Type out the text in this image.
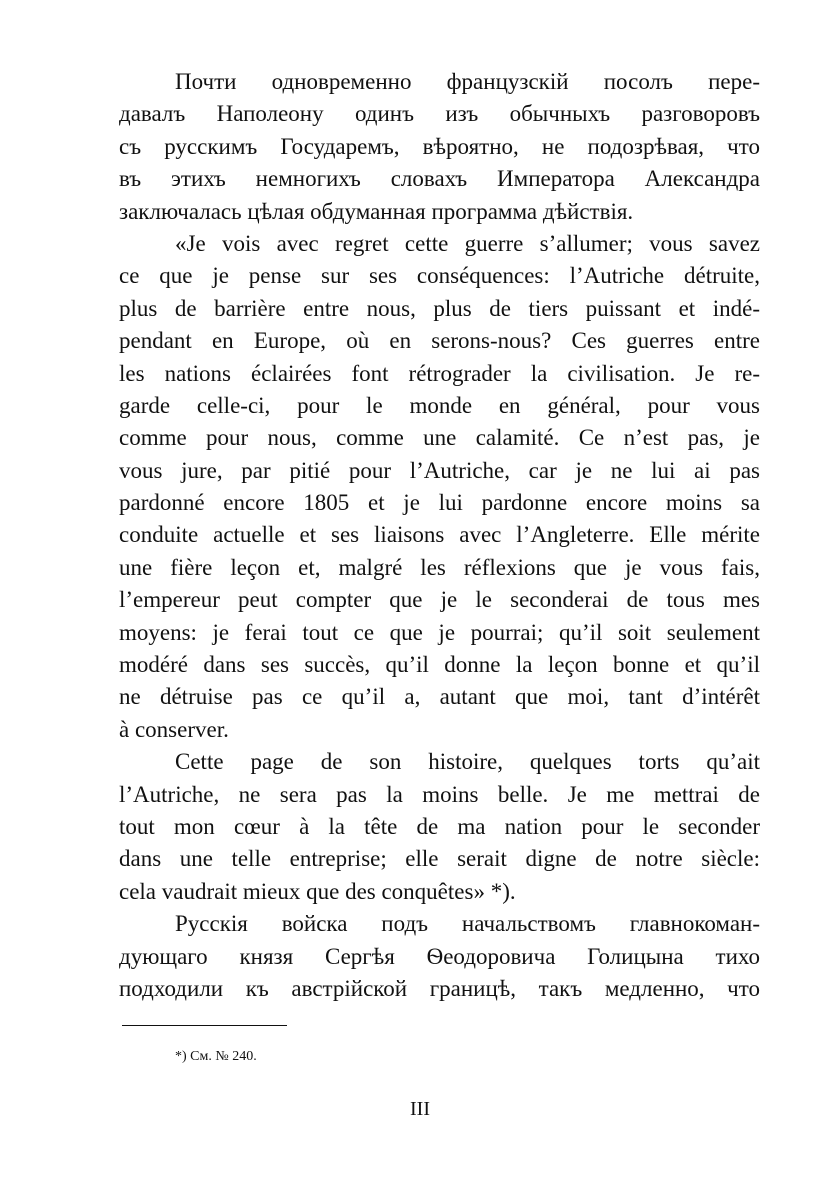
Почти одновременно французскій посолъ пере-
давалъ Наполеону одинъ изъ обычныхъ разговоровъ
съ русскимъ Государемъ, вѣроятно, не подозрѣвая, что
въ этихъ немногихъ словахъ Императора Александра
заключалась цѣлая обдуманная программа дѣйствія.
«Je vois avec regret cette guerre s’allumer; vous savez
ce que je pense sur ses conséquences: l’Autriche détruite,
plus de barrière entre nous, plus de tiers puissant et indé-
pendant en Europe, où en serons-nous? Ces guerres entre
les nations éclairées font rétrograder la civilisation. Je re-
garde celle-ci, pour le monde en général, pour vous
comme pour nous, comme une calamité. Ce n’est pas, je
vous jure, par pitié pour l’Autriche, car je ne lui ai pas
pardonné encore 1805 et je lui pardonne encore moins sa
conduite actuelle et ses liaisons avec l’Angleterre. Elle mérite
une fière leçon et, malgré les réflexions que je vous fais,
l’empereur peut compter que je le seconderai de tous mes
moyens: je ferai tout ce que je pourrai; qu’il soit seulement
modéré dans ses succès, qu’il donne la leçon bonne et qu’il
ne détruise pas ce qu’il a, autant que moi, tant d’intérêt
à conserver.
Cette page de son histoire, quelques torts qu’ait
l’Autriche, ne sera pas la moins belle. Je me mettrai de
tout mon cœur à la tête de ma nation pour le seconder
dans une telle entreprise; elle serait digne de notre siècle:
cela vaudrait mieux que des conquêtes» *).
Русскія войска подъ начальствомъ главнокоман-
дующаго князя Сергѣя Ѳеодоровича Голицына тихо
подходили къ австрійской границѣ, такъ медленно, что
*) См. № 240.
III
